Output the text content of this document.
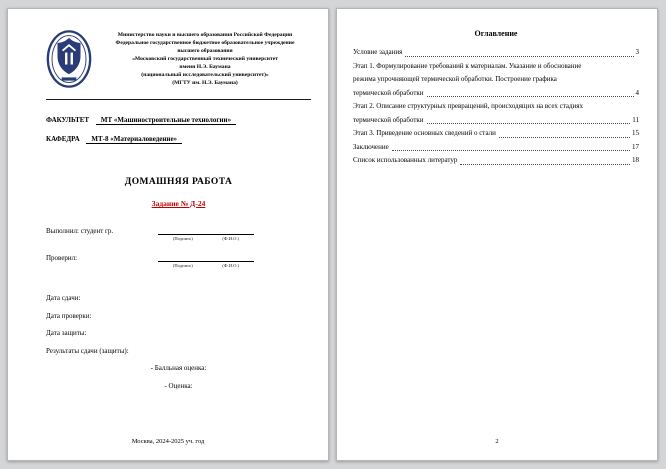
Министерство науки и высшего образования Российской Федерации
Федеральное государственное бюджетное образовательное учреждение
высшего образования
«Московский государственный технический университет
имени Н.Э. Баумана
(национальный исследовательский университет)»
(МГТУ им. Н.Э. Баумана)
ФАКУЛЬТЕТ МТ «Машиностроительные технологии»
КАФЕДРА МТ-8 «Материаловедение»
ДОМАШНЯЯ РАБОТА
Задание № Д-24
Выполнил: студент гр.
(Подпись)	(Ф.И.О.)
Проверил:
(Подпись)	(Ф.И.О.)
Дата сдачи:
Дата проверки:
Дата защиты:
Результаты сдачи (защиты):
- Балльная оценка:
- Оценка:
Москва, 2024-2025 уч. год
Оглавление
Условие задания	3
Этап 1. Формулирование требований к материалам. Указание и обоснование
режима упрочняющей термической обработки. Построение графика
термической обработки	4
Этап 2. Описание структурных превращений, происходящих на всех стадиях
термической обработки	11
Этап 3. Приведение основных сведений о стали	15
Заключение	17
Список использованных литератур	18
2
